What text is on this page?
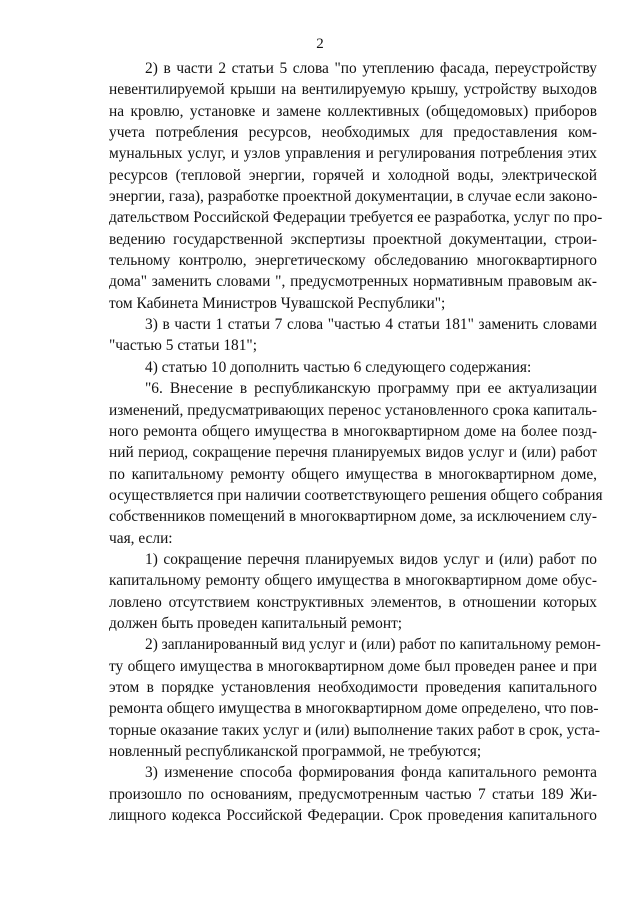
2
2) в части 2 статьи 5 слова "по утеплению фасада, переустройству
невентилируемой крыши на вентилируемую крышу, устройству выходов
на кровлю, установке и замене коллективных (общедомовых) приборов
учета потребления ресурсов, необходимых для предоставления ком-
мунальных услуг, и узлов управления и регулирования потребления этих
ресурсов (тепловой энергии, горячей и холодной воды, электрической
энергии, газа), разработке проектной документации, в случае если законо-
дательством Российской Федерации требуется ее разработка, услуг по про-
ведению государственной экспертизы проектной документации, строи-
тельному контролю, энергетическому обследованию многоквартирного
дома" заменить словами ", предусмотренных нормативным правовым ак-
том Кабинета Министров Чувашской Республики";
3) в части 1 статьи 7 слова "частью 4 статьи 181" заменить словами
"частью 5 статьи 181";
4) статью 10 дополнить частью 6 следующего содержания:
"6. Внесение в республиканскую программу при ее актуализации
изменений, предусматривающих перенос установленного срока капиталь-
ного ремонта общего имущества в многоквартирном доме на более позд-
ний период, сокращение перечня планируемых видов услуг и (или) работ
по капитальному ремонту общего имущества в многоквартирном доме,
осуществляется при наличии соответствующего решения общего собрания
собственников помещений в многоквартирном доме, за исключением слу-
чая, если:
1) сокращение перечня планируемых видов услуг и (или) работ по
капитальному ремонту общего имущества в многоквартирном доме обус-
ловлено отсутствием конструктивных элементов, в отношении которых
должен быть проведен капитальный ремонт;
2) запланированный вид услуг и (или) работ по капитальному ремон-
ту общего имущества в многоквартирном доме был проведен ранее и при
этом в порядке установления необходимости проведения капитального
ремонта общего имущества в многоквартирном доме определено, что пов-
торные оказание таких услуг и (или) выполнение таких работ в срок, уста-
новленный республиканской программой, не требуются;
3) изменение способа формирования фонда капитального ремонта
произошло по основаниям, предусмотренным частью 7 статьи 189 Жи-
лищного кодекса Российской Федерации. Срок проведения капитального
